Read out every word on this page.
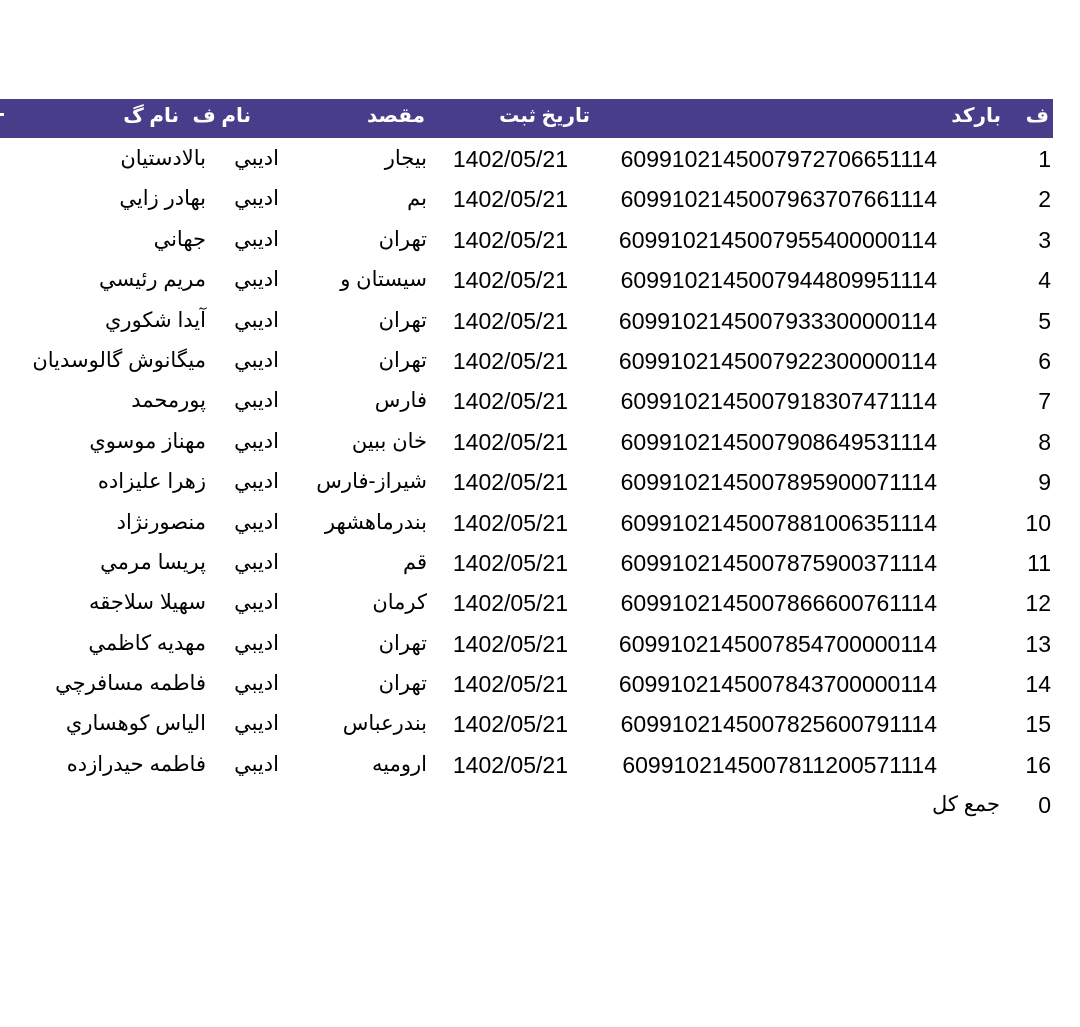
ف
باركد
تاريخ ثبت
مقصد
نام ف
نام گ
1
6099102145007972706651114
1402/05/21
بيجار
اديبي
بالادستيان
2
6099102145007963707661114
1402/05/21
بم
اديبي
بهادر زايي
3
6099102145007955400000114
1402/05/21
تهران
اديبي
جهاني
4
6099102145007944809951114
1402/05/21
سيستان و
اديبي
مريم رئيسي
5
6099102145007933300000114
1402/05/21
تهران
اديبي
آيدا شكوري
6
6099102145007922300000114
1402/05/21
تهران
اديبي
ميگانوش گالوسديان
7
6099102145007918307471114
1402/05/21
فارس
اديبي
پورمحمد
8
6099102145007908649531114
1402/05/21
خان ببين
اديبي
مهناز موسوي
9
6099102145007895900071114
1402/05/21
شيراز-فارس
اديبي
زهرا عليزاده
10
6099102145007881006351114
1402/05/21
بندرماهشهر
اديبي
منصورنژاد
11
6099102145007875900371114
1402/05/21
قم
اديبي
پريسا مرمي
12
6099102145007866600761114
1402/05/21
كرمان
اديبي
سهيلا سلاجقه
13
6099102145007854700000114
1402/05/21
تهران
اديبي
مهديه كاظمي
14
6099102145007843700000114
1402/05/21
تهران
اديبي
فاطمه مسافرچي
15
6099102145007825600791114
1402/05/21
بندرعباس
اديبي
الياس كوهساري
16
6099102145007811200571114
1402/05/21
اروميه
اديبي
فاطمه حيدرازده
0
جمع كل
